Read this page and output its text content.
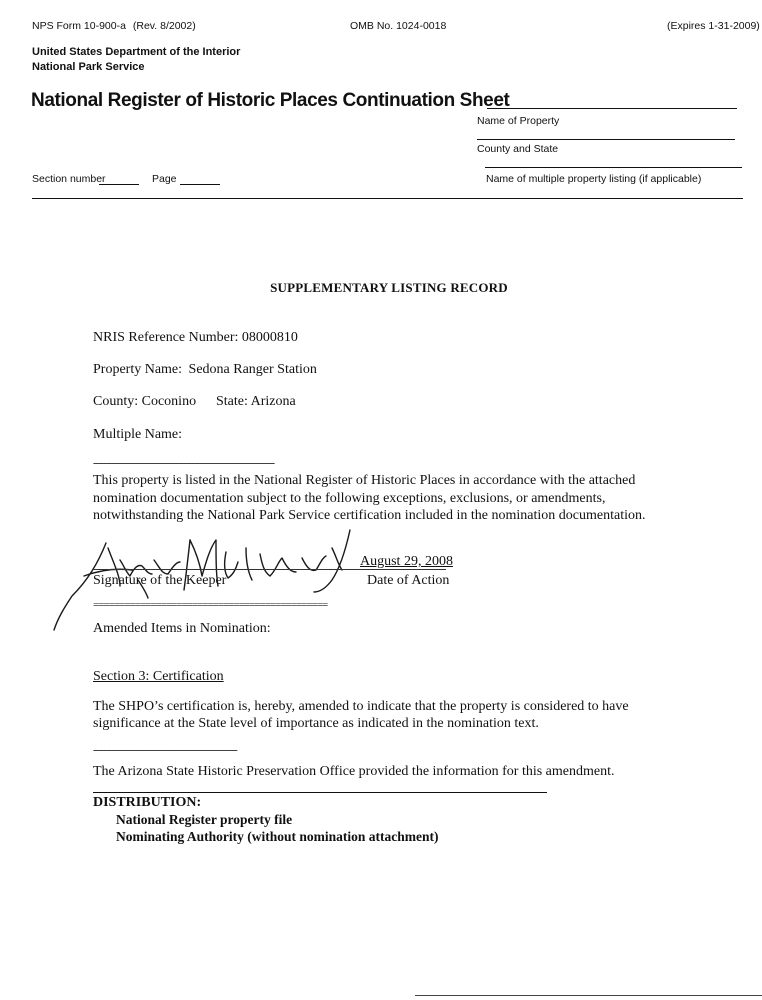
NPS Form 10-900-a (Rev. 8/2002)	OMB No. 1024-0018	(Expires 1-31-2009)
United States Department of the Interior
National Park Service
National Register of Historic Places Continuation Sheet
Name of Property
County and State
Name of multiple property listing (if applicable)
Section number	Page
SUPPLEMENTARY LISTING RECORD
NRIS Reference Number: 08000810
Property Name: Sedona Ranger Station
County: Coconino State: Arizona
Multiple Name:
--------------------------------------------------------------------
This property is listed in the National Register of Historic Places in accordance with the attached
nomination documentation subject to the following exceptions, exclusions, or amendments,
notwithstanding the National Park Service certification included in the nomination documentation.
Signature of the Keeper
August 29, 2008
Date of Action
=============================================
Amended Items in Nomination:
Section 3: Certification
The SHPO’s certification is, hereby, amended to indicate that the property is considered to have
significance at the State level of importance as indicated in the nomination text.
------------------------------------------------------
The Arizona State Historic Preservation Office provided the information for this amendment.
DISTRIBUTION:
National Register property file
Nominating Authority (without nomination attachment)
